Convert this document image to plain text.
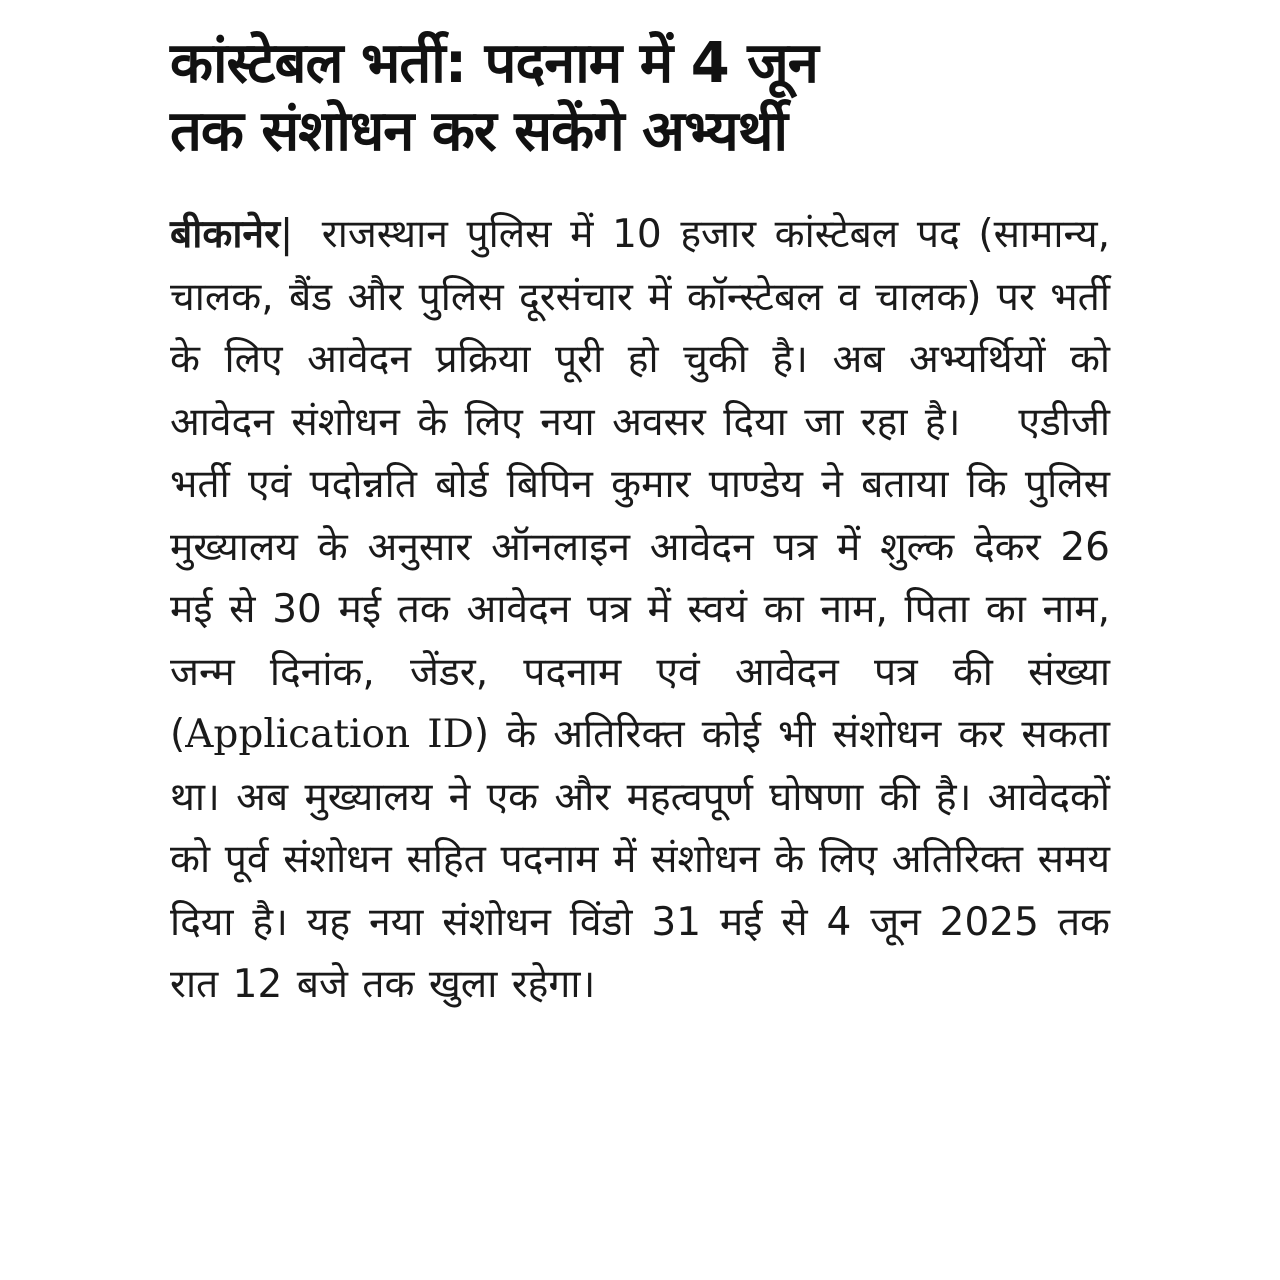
कांस्टेबल भर्ती: पदनाम में 4 जून
तक संशोधन कर सकेंगे अभ्यर्थी
बीकानेर| राजस्थान पुलिस में 10 हजार कांस्टेबल पद (सामान्य, चालक, बैंड और पुलिस दूरसंचार में कॉन्स्टेबल व चालक) पर भर्ती के लिए आवेदन प्रक्रिया पूरी हो चुकी है। अब अभ्यर्थियों को आवेदन संशोधन के लिए नया अवसर दिया जा रहा है। एडीजी भर्ती एवं पदोन्नति बोर्ड बिपिन कुमार पाण्डेय ने बताया कि पुलिस मुख्यालय के अनुसार ऑनलाइन आवेदन पत्र में शुल्क देकर 26 मई से 30 मई तक आवेदन पत्र में स्वयं का नाम, पिता का नाम, जन्म दिनांक, जेंडर, पदनाम एवं आवेदन पत्र की संख्या (Application ID) के अतिरिक्त कोई भी संशोधन कर सकता था। अब मुख्यालय ने एक और महत्वपूर्ण घोषणा की है। आवेदकों को पूर्व संशोधन सहित पदनाम में संशोधन के लिए अतिरिक्त समय दिया है। यह नया संशोधन विंडो 31 मई से 4 जून 2025 तक रात 12 बजे तक खुला रहेगा।
